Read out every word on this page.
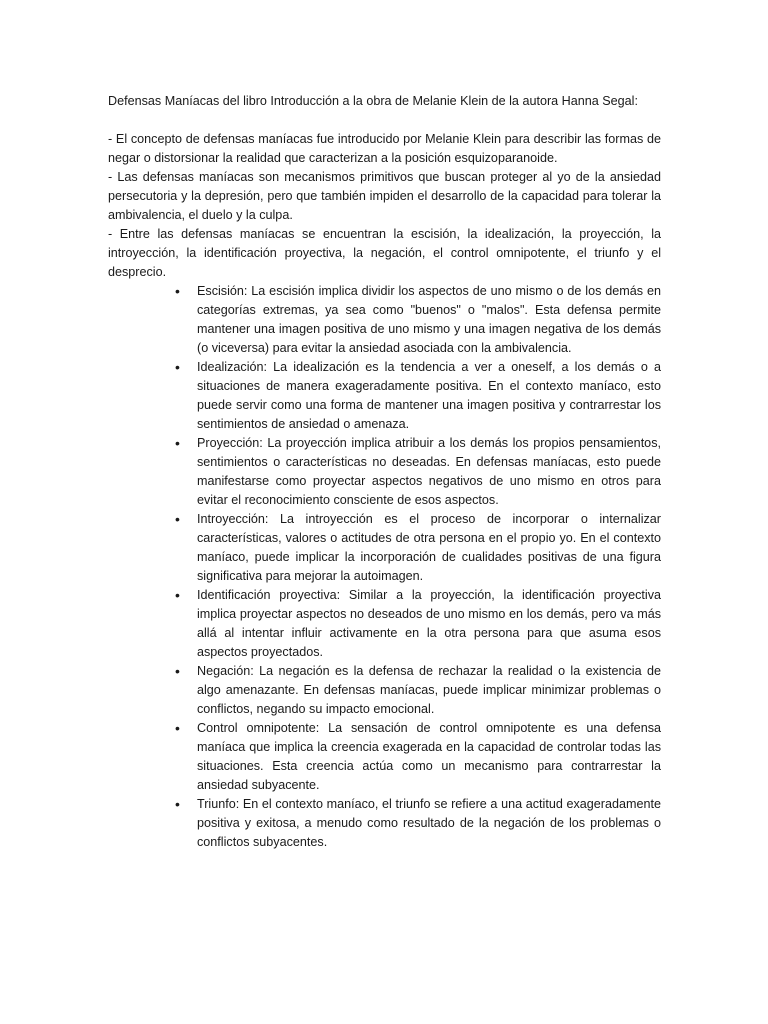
Defensas Maníacas del libro Introducción a la obra de Melanie Klein de la autora Hanna Segal:

- El concepto de defensas maníacas fue introducido por Melanie Klein para describir las formas de negar o distorsionar la realidad que caracterizan a la posición esquizoparanoide.

- Las defensas maníacas son mecanismos primitivos que buscan proteger al yo de la ansiedad persecutoria y la depresión, pero que también impiden el desarrollo de la capacidad para tolerar la ambivalencia, el duelo y la culpa.

- Entre las defensas maníacas se encuentran la escisión, la idealización, la proyección, la introyección, la identificación proyectiva, la negación, el control omnipotente, el triunfo y el desprecio.

• Escisión: La escisión implica dividir los aspectos de uno mismo o de los demás en categorías extremas, ya sea como "buenos" o "malos". Esta defensa permite mantener una imagen positiva de uno mismo y una imagen negativa de los demás (o viceversa) para evitar la ansiedad asociada con la ambivalencia.
• Idealización: La idealización es la tendencia a ver a oneself, a los demás o a situaciones de manera exageradamente positiva. En el contexto maníaco, esto puede servir como una forma de mantener una imagen positiva y contrarrestar los sentimientos de ansiedad o amenaza.
• Proyección: La proyección implica atribuir a los demás los propios pensamientos, sentimientos o características no deseadas. En defensas maníacas, esto puede manifestarse como proyectar aspectos negativos de uno mismo en otros para evitar el reconocimiento consciente de esos aspectos.
• Introyección: La introyección es el proceso de incorporar o internalizar características, valores o actitudes de otra persona en el propio yo. En el contexto maníaco, puede implicar la incorporación de cualidades positivas de una figura significativa para mejorar la autoimagen.
• Identificación proyectiva: Similar a la proyección, la identificación proyectiva implica proyectar aspectos no deseados de uno mismo en los demás, pero va más allá al intentar influir activamente en la otra persona para que asuma esos aspectos proyectados.
• Negación: La negación es la defensa de rechazar la realidad o la existencia de algo amenazante. En defensas maníacas, puede implicar minimizar problemas o conflictos, negando su impacto emocional.
• Control omnipotente: La sensación de control omnipotente es una defensa maníaca que implica la creencia exagerada en la capacidad de controlar todas las situaciones. Esta creencia actúa como un mecanismo para contrarrestar la ansiedad subyacente.
• Triunfo: En el contexto maníaco, el triunfo se refiere a una actitud exageradamente positiva y exitosa, a menudo como resultado de la negación de los problemas o conflictos subyacentes.
